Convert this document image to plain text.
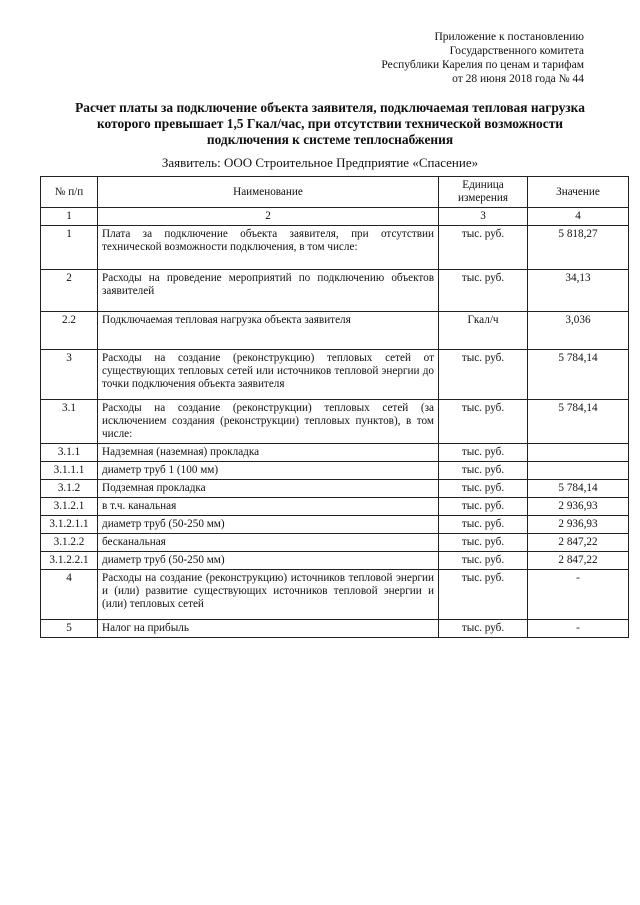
Приложение к постановлению
Государственного комитета
Республики Карелия по ценам и тарифам
от 28 июня 2018 года № 44
Расчет платы за подключение объекта заявителя, подключаемая тепловая нагрузка
которого превышает 1,5 Гкал/час, при отсутствии технической возможности
подключения к системе теплоснабжения
Заявитель: ООО Строительное Предприятие «Спасение»
№ п/п	Наименование	Единица измерения	Значение
1	2	3	4
1	Плата за подключение объекта заявителя, при отсутствии технической возможности подключения, в том числе:	тыс. руб.	5 818,27
2	Расходы на проведение мероприятий по подключению объектов заявителей	тыс. руб.	34,13
2.2	Подключаемая тепловая нагрузка объекта заявителя	Гкал/ч	3,036
3	Расходы на создание (реконструкцию) тепловых сетей от существующих тепловых сетей или источников тепловой энергии до точки подключения объекта заявителя	тыс. руб.	5 784,14
3.1	Расходы на создание (реконструкции) тепловых сетей (за исключением создания (реконструкции) тепловых пунктов), в том числе:	тыс. руб.	5 784,14
3.1.1	Надземная (наземная) прокладка	тыс. руб.	
3.1.1.1	диаметр труб 1 (100 мм)	тыс. руб.	
3.1.2	Подземная прокладка	тыс. руб.	5 784,14
3.1.2.1	в т.ч. канальная	тыс. руб.	2 936,93
3.1.2.1.1	диаметр труб (50-250 мм)	тыс. руб.	2 936,93
3.1.2.2	бесканальная	тыс. руб.	2 847,22
3.1.2.2.1	диаметр труб (50-250 мм)	тыс. руб.	2 847,22
4	Расходы на создание (реконструкцию) источников тепловой энергии и (или) развитие существующих источников тепловой энергии и (или) тепловых сетей	тыс. руб.	-
5	Налог на прибыль	тыс. руб.	-
